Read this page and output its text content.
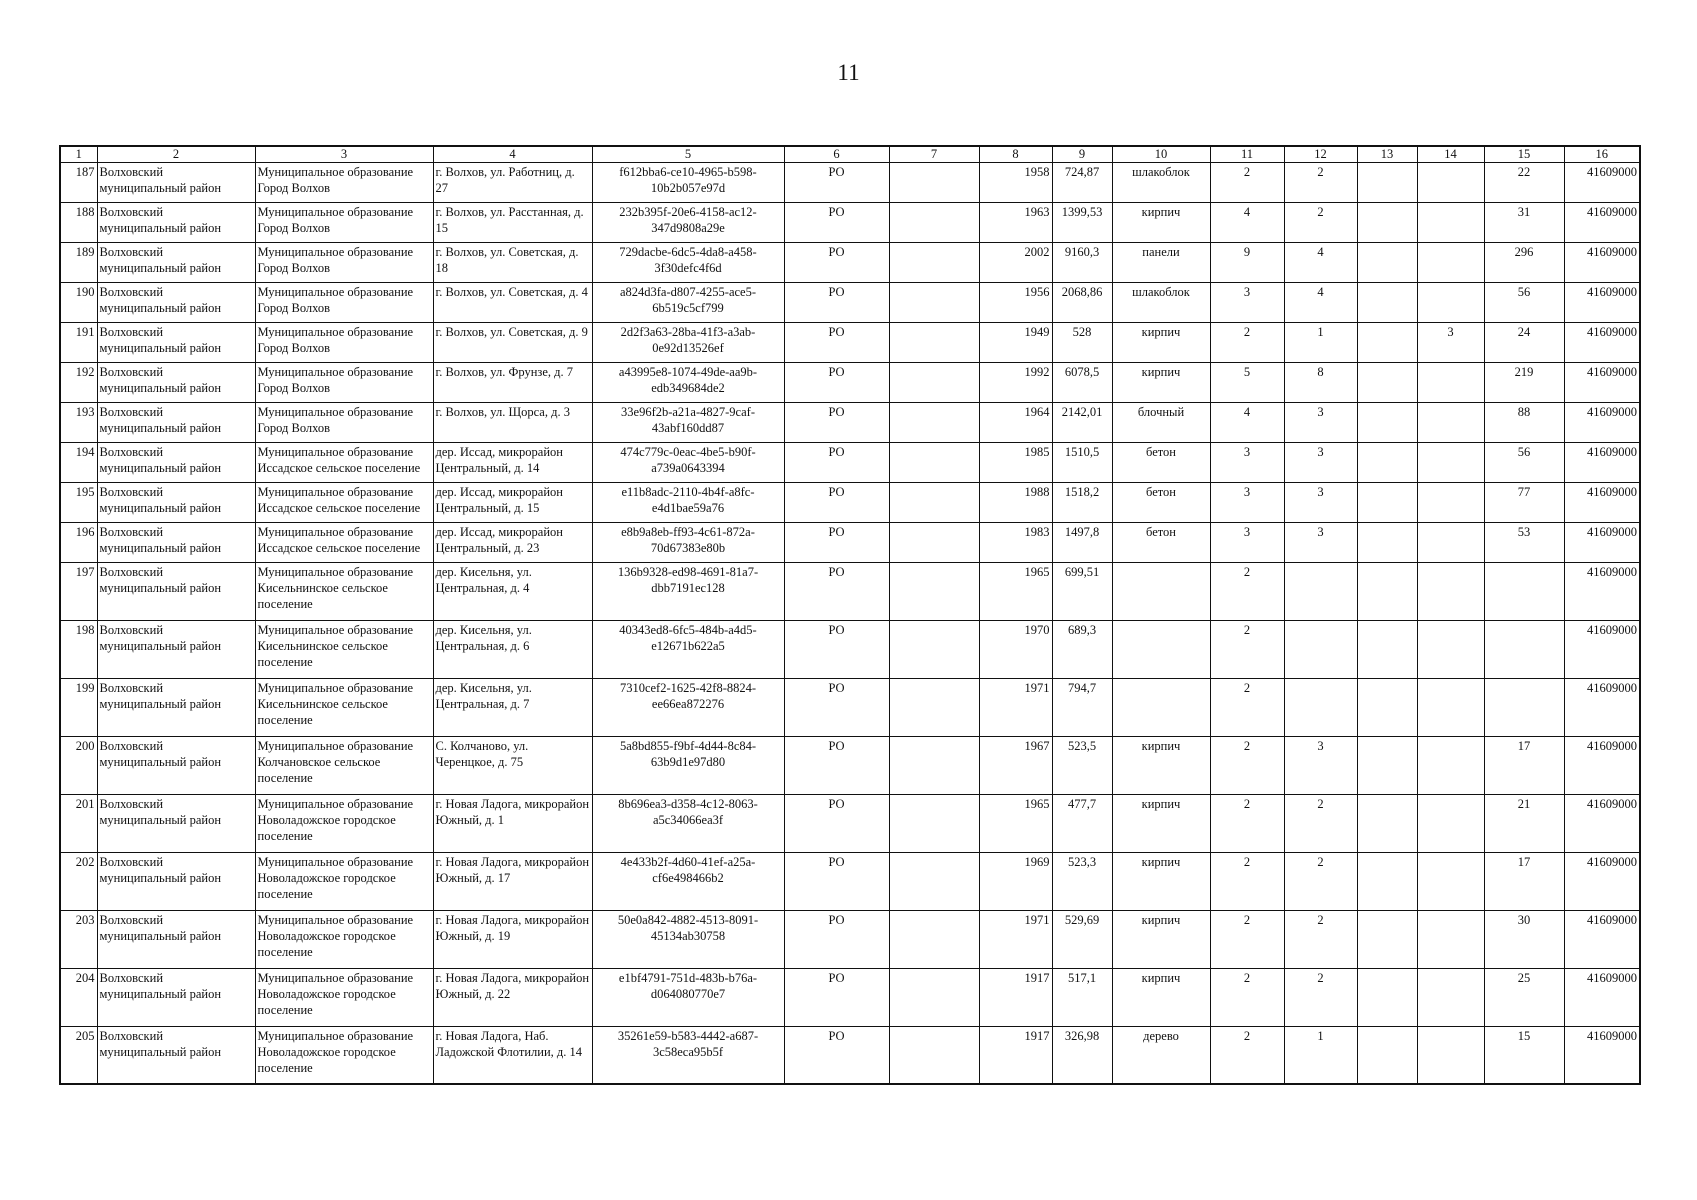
11
1	2	3	4	5	6	7	8	9	10	11	12	13	14	15	16
187	Волховский муниципальный район	Муниципальное образование Город Волхов	г. Волхов, ул. Работниц, д. 27	f612bba6-ce10-4965-b598-10b2b057e97d	PO		1958	724,87	шлакоблок	2	2			22	41609000
188	Волховский муниципальный район	Муниципальное образование Город Волхов	г. Волхов, ул. Расстанная, д. 15	232b395f-20e6-4158-ac12-347d9808a29e	PO		1963	1399,53	кирпич	4	2			31	41609000
189	Волховский муниципальный район	Муниципальное образование Город Волхов	г. Волхов, ул. Советская, д. 18	729dacbe-6dc5-4da8-a458-3f30defc4f6d	PO		2002	9160,3	панели	9	4			296	41609000
190	Волховский муниципальный район	Муниципальное образование Город Волхов	г. Волхов, ул. Советская, д. 4	a824d3fa-d807-4255-ace5-6b519c5cf799	PO		1956	2068,86	шлакоблок	3	4			56	41609000
191	Волховский муниципальный район	Муниципальное образование Город Волхов	г. Волхов, ул. Советская, д. 9	2d2f3a63-28ba-41f3-a3ab-0e92d13526ef	PO		1949	528	кирпич	2	1		3	24	41609000
192	Волховский муниципальный район	Муниципальное образование Город Волхов	г. Волхов, ул. Фрунзе, д. 7	a43995e8-1074-49de-aa9b-edb349684de2	PO		1992	6078,5	кирпич	5	8			219	41609000
193	Волховский муниципальный район	Муниципальное образование Город Волхов	г. Волхов, ул. Щорса, д. 3	33e96f2b-a21a-4827-9caf-43abf160dd87	PO		1964	2142,01	блочный	4	3			88	41609000
194	Волховский муниципальный район	Муниципальное образование Иссадское сельское поселение	дер. Иссад, микрорайон Центральный, д. 14	474c779c-0eac-4be5-b90f-a739a0643394	PO		1985	1510,5	бетон	3	3			56	41609000
195	Волховский муниципальный район	Муниципальное образование Иссадское сельское поселение	дер. Иссад, микрорайон Центральный, д. 15	e11b8adc-2110-4b4f-a8fc-e4d1bae59a76	PO		1988	1518,2	бетон	3	3			77	41609000
196	Волховский муниципальный район	Муниципальное образование Иссадское сельское поселение	дер. Иссад, микрорайон Центральный, д. 23	e8b9a8eb-ff93-4c61-872a-70d67383e80b	PO		1983	1497,8	бетон	3	3			53	41609000
197	Волховский муниципальный район	Муниципальное образование Кисельнинское сельское поселение	дер. Кисельня, ул. Центральная, д. 4	136b9328-ed98-4691-81a7-dbb7191ec128	PO		1965	699,51		2					41609000
198	Волховский муниципальный район	Муниципальное образование Кисельнинское сельское поселение	дер. Кисельня, ул. Центральная, д. 6	40343ed8-6fc5-484b-a4d5-e12671b622a5	PO		1970	689,3		2					41609000
199	Волховский муниципальный район	Муниципальное образование Кисельнинское сельское поселение	дер. Кисельня, ул. Центральная, д. 7	7310cef2-1625-42f8-8824-ee66ea872276	PO		1971	794,7		2					41609000
200	Волховский муниципальный район	Муниципальное образование Колчановское сельское поселение	С. Колчаново, ул. Черенцкое, д. 75	5a8bd855-f9bf-4d44-8c84-63b9d1e97d80	PO		1967	523,5	кирпич	2	3			17	41609000
201	Волховский муниципальный район	Муниципальное образование Новоладожское городское поселение	г. Новая Ладога, микрорайон Южный, д. 1	8b696ea3-d358-4c12-8063-a5c34066ea3f	PO		1965	477,7	кирпич	2	2			21	41609000
202	Волховский муниципальный район	Муниципальное образование Новоладожское городское поселение	г. Новая Ладога, микрорайон Южный, д. 17	4e433b2f-4d60-41ef-a25a-cf6e498466b2	PO		1969	523,3	кирпич	2	2			17	41609000
203	Волховский муниципальный район	Муниципальное образование Новоладожское городское поселение	г. Новая Ладога, микрорайон Южный, д. 19	50e0a842-4882-4513-8091-45134ab30758	PO		1971	529,69	кирпич	2	2			30	41609000
204	Волховский муниципальный район	Муниципальное образование Новоладожское городское поселение	г. Новая Ладога, микрорайон Южный, д. 22	e1bf4791-751d-483b-b76a-d064080770e7	PO		1917	517,1	кирпич	2	2			25	41609000
205	Волховский муниципальный район	Муниципальное образование Новоладожское городское поселение	г. Новая Ладога, Наб. Ладожской Флотилии, д. 14	35261e59-b583-4442-a687-3c58eca95b5f	PO		1917	326,98	дерево	2	1			15	41609000
